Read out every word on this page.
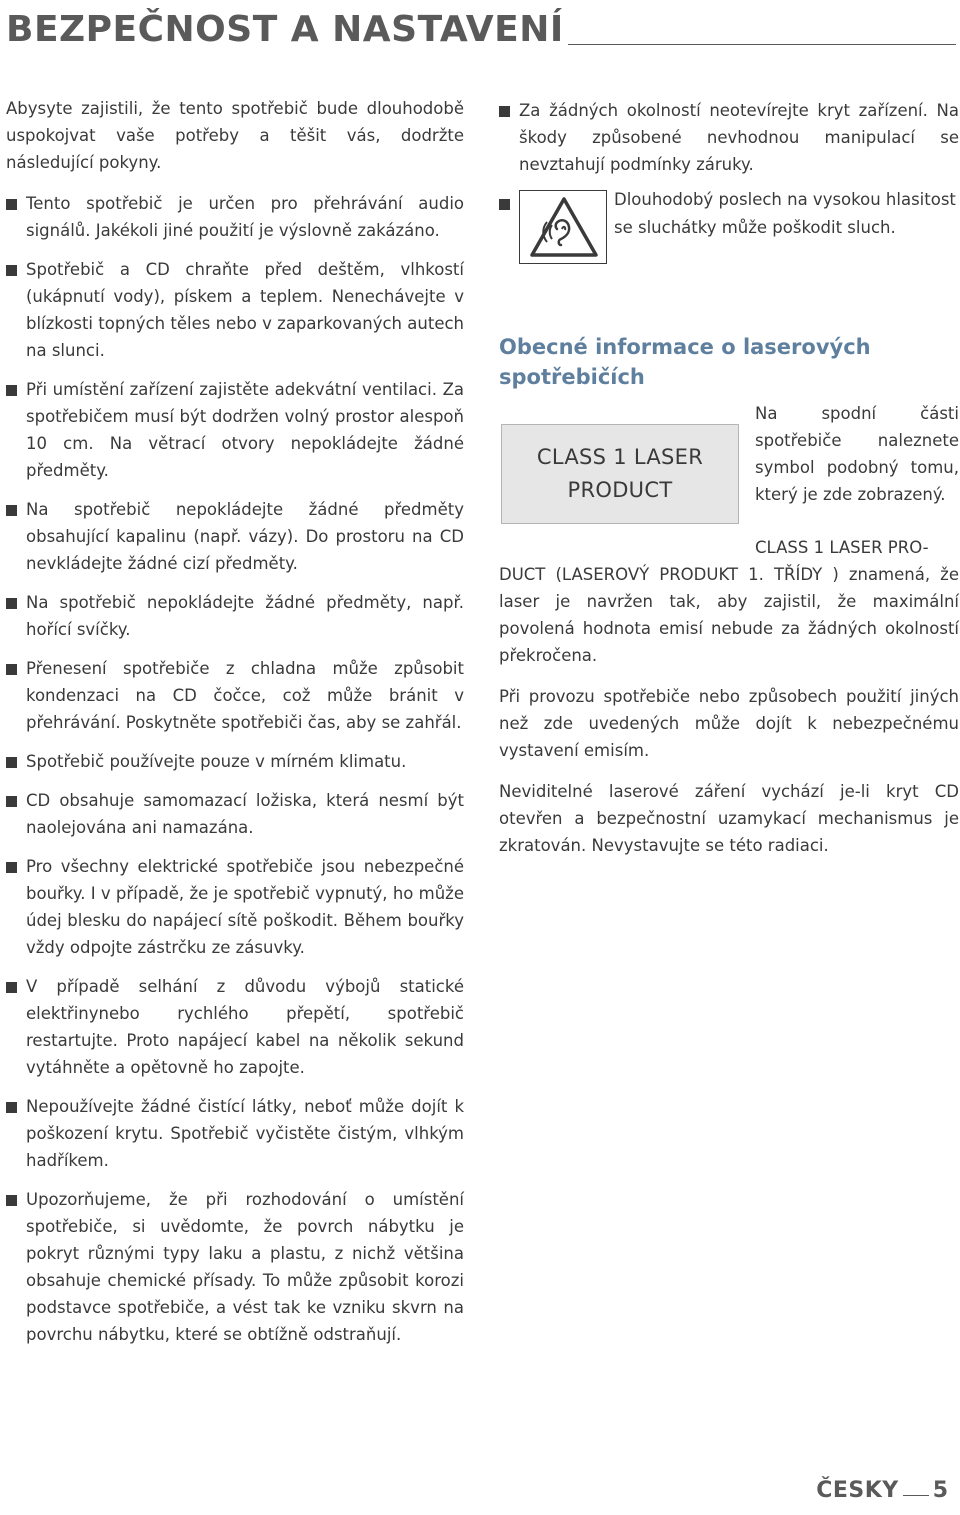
BEZPEČNOST A NASTAVENÍ

Abysyte zajistili, že tento spotřebič bude dlouhodobě uspokojvat vaše potřeby a těšit vás, dodržte následující pokyny.

Tento spotřebič je určen pro přehrávání audio signálů. Jakékoli jiné použití je výslovně zakázáno.
Spotřebič a CD chraňte před deštěm, vlhkostí (ukápnutí vody), pískem a teplem. Nenechávejte v blízkosti topných těles nebo v zaparkovaných autech na slunci.
Při umístění zařízení zajistěte adekvátní ventilaci. Za spotřebičem musí být dodržen volný prostor alespoň 10 cm. Na větrací otvory nepokládejte žádné předměty.
Na spotřebič nepokládejte žádné předměty obsahující kapalinu (např. vázy). Do prostoru na CD nevkládejte žádné cizí předměty.
Na spotřebič nepokládejte žádné předměty, např. hořící svíčky.
Přenesení spotřebiče z chladna může způsobit kondenzaci na CD čočce, což může bránit v přehrávání. Poskytněte spotřebiči čas, aby se zahřál.
Spotřebič používejte pouze v mírném klimatu.
CD obsahuje samomazací ložiska, která nesmí být naolejována ani namazána.
Pro všechny elektrické spotřebiče jsou nebezpečné bouřky. I v případě, že je spotřebič vypnutý, ho může údej blesku do napájecí sítě poškodit. Během bouřky vždy odpojte zástrčku ze zásuvky.
V případě selhání z důvodu výbojů statické elektřinynebo rychlého přepětí, spotřebič restartujte. Proto napájecí kabel na několik sekund vytáhněte a opětovně ho zapojte.
Nepoužívejte žádné čistící látky, neboť může dojít k poškození krytu. Spotřebič vyčistěte čistým, vlhkým hadříkem.
Upozorňujeme, že při rozhodování o umístění spotřebiče, si uvědomte, že povrch nábytku je pokryt různými typy laku a plastu, z nichž většina obsahuje chemické přísady. To může způsobit korozi podstavce spotřebiče, a vést tak ke vzniku skvrn na povrchu nábytku, které se obtížně odstraňují.
Za žádných okolností neotevírejte kryt zařízení. Na škody způsobené nevhodnou manipulací se nevztahují podmínky záruky.
Dlouhodobý poslech na vysokou hlasitost se sluchátky může poškodit sluch.
Obecné informace o laserových spotřebičích
CLASS 1 LASER
PRODUCT
Na spodní části spotřebiče naleznete symbol podobný tomu, který je zde zobrazený.

CLASS 1 LASER PRO-
DUCT (LASEROVÝ PRODUKT 1. TŘÍDY ) znamená, že laser je navržen tak, aby zajistil, že maximální povolená hodnota emisí nebude za žádných okolností překročena.

Při provozu spotřebiče nebo způsobech použití jiných než zde uvedených může dojít k nebezpečnému vystavení emisím.

Neviditelné laserové záření vychází je-li kryt CD otevřen a bezpečnostní uzamykací mechanismus je zkratován. Nevystavujte se této radiaci.

ČESKY 5
